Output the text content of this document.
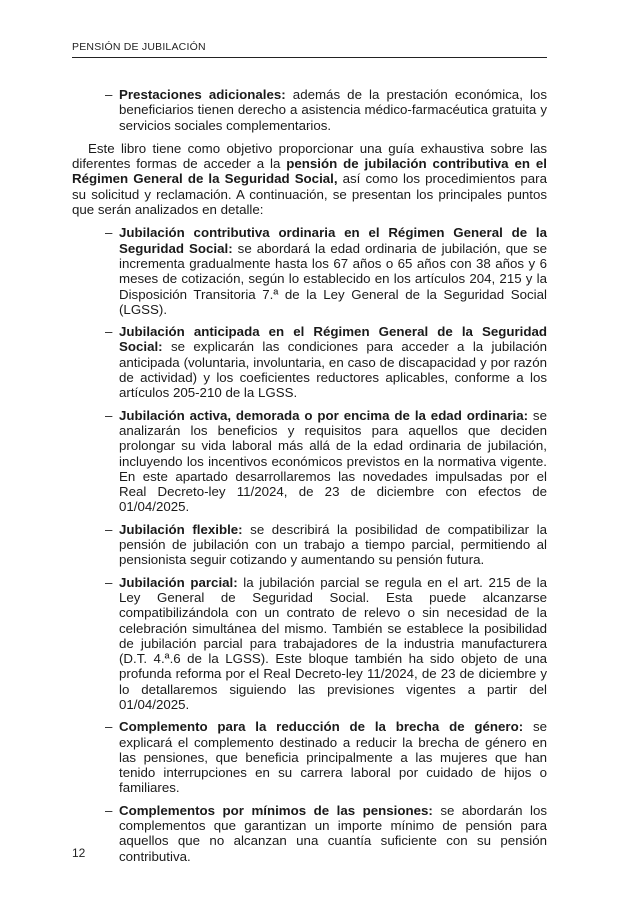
PENSIÓN DE JUBILACIÓN
– Prestaciones adicionales: además de la prestación económica, los beneficiarios tienen derecho a asistencia médico-farmacéutica gratuita y servicios sociales complementarios.

Este libro tiene como objetivo proporcionar una guía exhaustiva sobre las diferentes formas de acceder a la pensión de jubilación contributiva en el Régimen General de la Seguridad Social, así como los procedimientos para su solicitud y reclamación. A continuación, se presentan los principales puntos que serán analizados en detalle:

– Jubilación contributiva ordinaria en el Régimen General de la Seguridad Social: se abordará la edad ordinaria de jubilación, que se incrementa gradualmente hasta los 67 años o 65 años con 38 años y 6 meses de cotización, según lo establecido en los artículos 204, 215 y la Disposición Transitoria 7.ª de la Ley General de la Seguridad Social (LGSS).
– Jubilación anticipada en el Régimen General de la Seguridad Social: se explicarán las condiciones para acceder a la jubilación anticipada (voluntaria, involuntaria, en caso de discapacidad y por razón de actividad) y los coeficientes reductores aplicables, conforme a los artículos 205-210 de la LGSS.
– Jubilación activa, demorada o por encima de la edad ordinaria: se analizarán los beneficios y requisitos para aquellos que deciden prolongar su vida laboral más allá de la edad ordinaria de jubilación, incluyendo los incentivos económicos previstos en la normativa vigente. En este apartado desarrollaremos las novedades impulsadas por el Real Decreto-ley 11/2024, de 23 de diciembre con efectos de 01/04/2025.
– Jubilación flexible: se describirá la posibilidad de compatibilizar la pensión de jubilación con un trabajo a tiempo parcial, permitiendo al pensionista seguir cotizando y aumentando su pensión futura.
– Jubilación parcial: la jubilación parcial se regula en el art. 215 de la Ley General de Seguridad Social. Esta puede alcanzarse compatibilizándola con un contrato de relevo o sin necesidad de la celebración simultánea del mismo. También se establece la posibilidad de jubilación parcial para trabajadores de la industria manufacturera (D.T. 4.ª.6 de la LGSS). Este bloque también ha sido objeto de una profunda reforma por el Real Decreto-ley 11/2024, de 23 de diciembre y lo detallaremos siguiendo las previsiones vigentes a partir del 01/04/2025.
– Complemento para la reducción de la brecha de género: se explicará el complemento destinado a reducir la brecha de género en las pensiones, que beneficia principalmente a las mujeres que han tenido interrupciones en su carrera laboral por cuidado de hijos o familiares.
– Complementos por mínimos de las pensiones: se abordarán los complementos que garantizan un importe mínimo de pensión para aquellos que no alcanzan una cuantía suficiente con su pensión contributiva.
12
